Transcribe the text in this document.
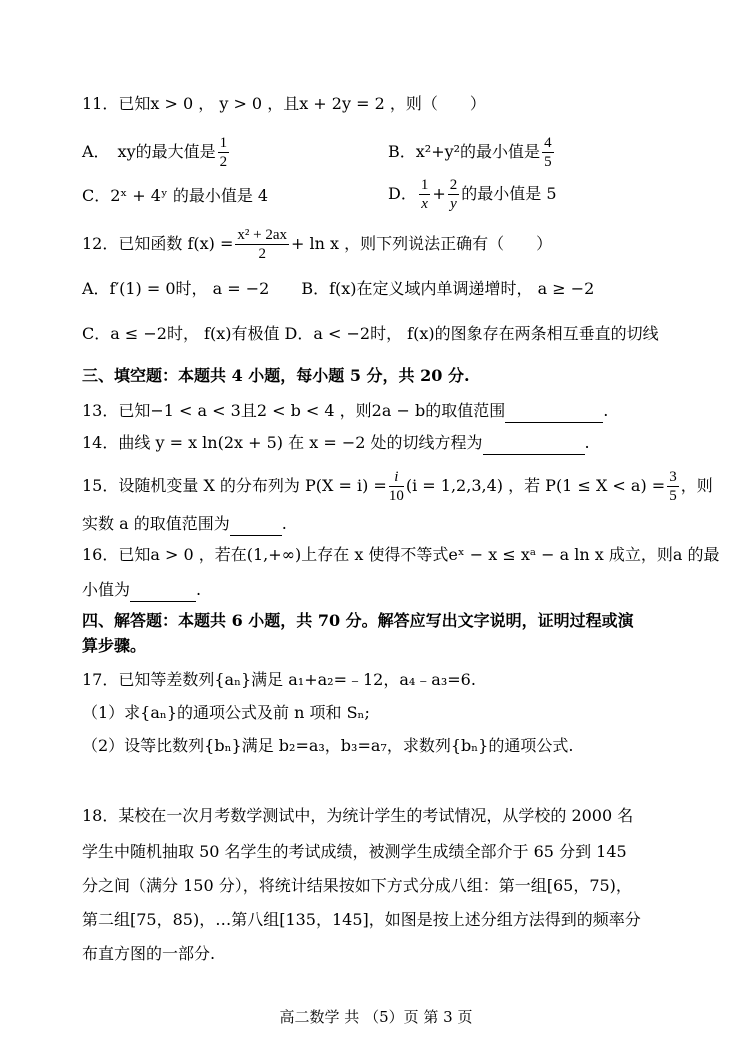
11．已知x > 0 ， y > 0 ，且x + 2y = 2 ，则（　　）
A．　xy的最大值是 $\frac{1}{2}$	B．x²+y²的最小值是 $\frac{4}{5}$
C．2ˣ + 4ʸ 的最小值是 4	D． $\frac{1}{x} + \frac{2}{y}$ 的最小值是 5
12．已知函数 $f(x) = \frac{\text{x² + 2ax}}{2} + \ln x$ ，则下列说法正确有（　　）
A．f′(1) = 0时， a = −2　　B．f(x)在定义域内单调递增时， a ≥ −2
C．a ≤ −2时， f(x)有极值 D．a < −2时， f(x)的图象存在两条相互垂直的切线
三、填空题：本题共 4 小题，每小题 5 分，共 20 分.
13．已知−1 < a < 3且2 < b < 4 ，则2a − b的取值范围	.
14．曲线 y = x ln(2x + 5) 在 x = −2 处的切线方程为	.
15．设随机变量 X 的分布列为 $P(X = i) = \frac{i}{10} (i = 1,2,3,4)$ ，若 $P(1 \le X < a) = \frac{3}{5}$ ，则
实数 a 的取值范围为	.
16．已知a > 0 ，若在(1,+∞)上存在 x 使得不等式eˣ − x ≤ xᵃ − a ln x 成立，则a 的最
小值为	.
四、解答题：本题共 6 小题，共 70 分。解答应写出文字说明，证明过程或演
算步骤。
17．已知等差数列{aₙ}满足 a₁+a₂=﹣12，a₄﹣a₃=6.
（1）求{aₙ}的通项公式及前 n 项和 Sₙ;
（2）设等比数列{bₙ}满足 b₂=a₃，b₃=a₇，求数列{bₙ}的通项公式.
18．某校在一次月考数学测试中，为统计学生的考试情况，从学校的 2000 名
学生中随机抽取 50 名学生的考试成绩，被测学生成绩全部介于 65 分到 145
分之间（满分 150 分），将统计结果按如下方式分成八组：第一组[65，75)，
第二组[75，85)，…第八组[135，145]，如图是按上述分组方法得到的频率分
布直方图的一部分.
高二数学 共 （5）页 第 3 页
